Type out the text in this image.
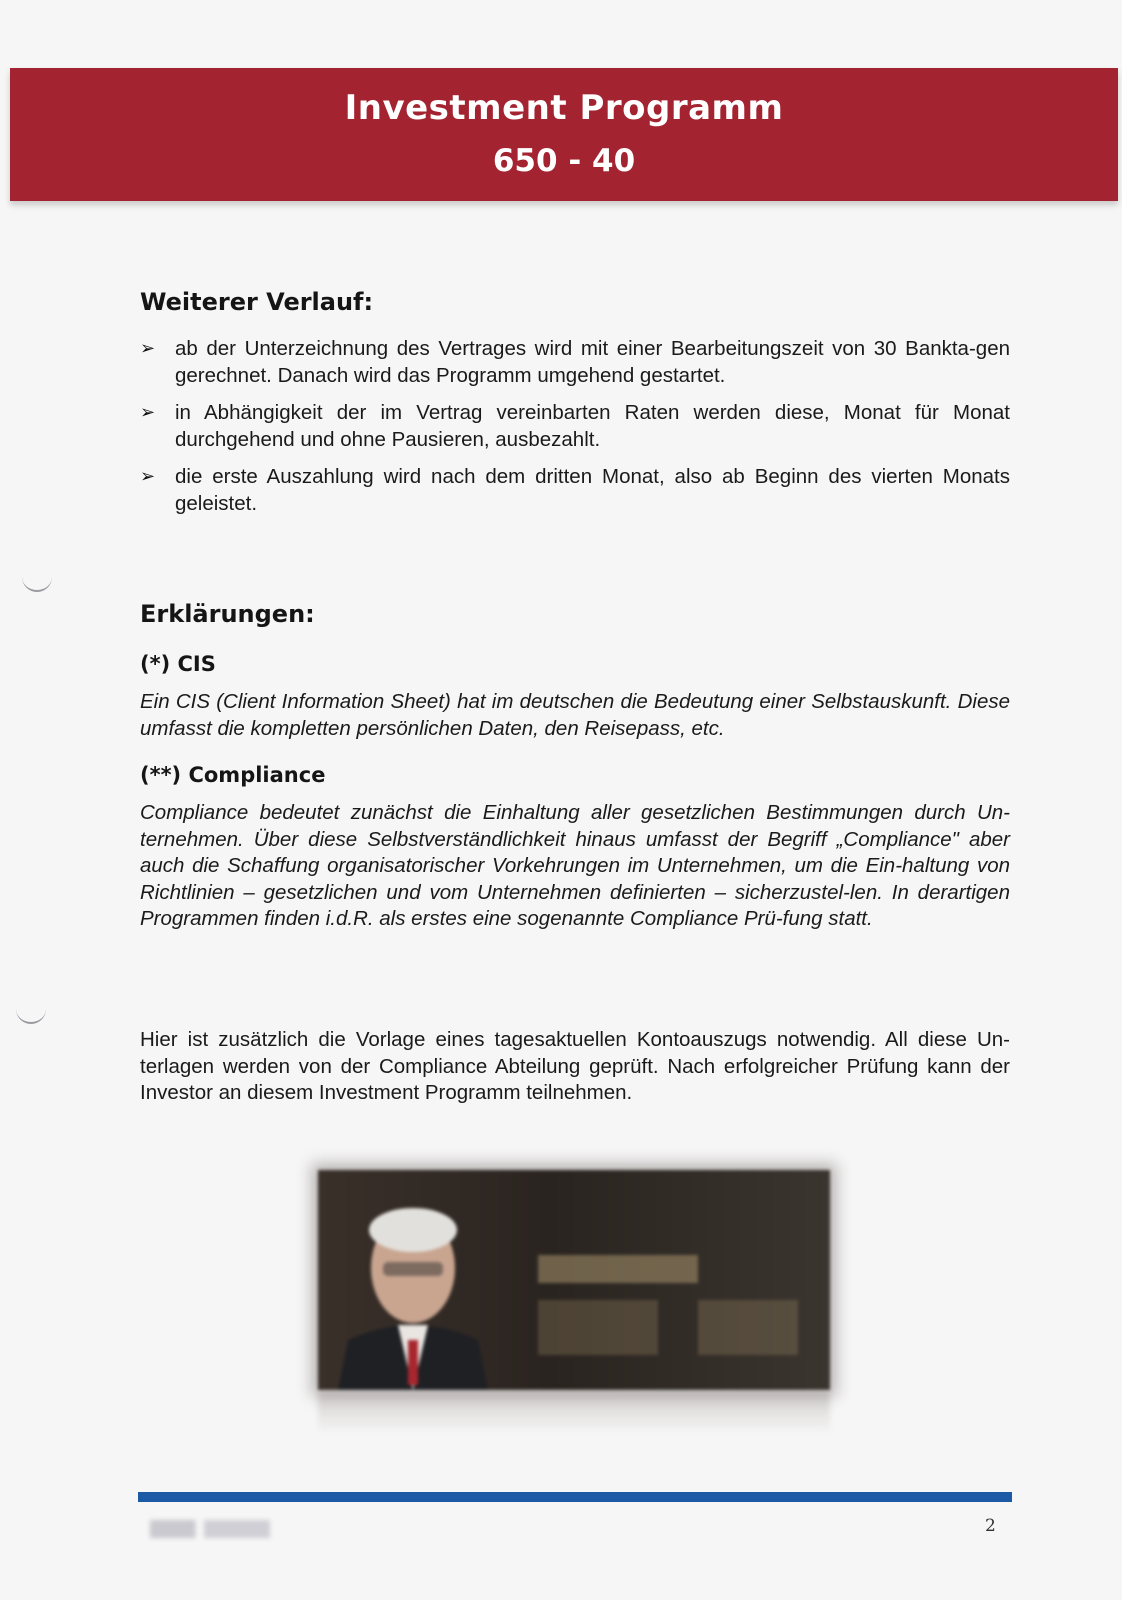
Investment Programm
650 - 40
Weiterer Verlauf:
➢ ab der Unterzeichnung des Vertrages wird mit einer Bearbeitungszeit von 30 Bankta-gen gerechnet. Danach wird das Programm umgehend gestartet.
➢ in Abhängigkeit der im Vertrag vereinbarten Raten werden diese, Monat für Monat durchgehend und ohne Pausieren, ausbezahlt.
➢ die erste Auszahlung wird nach dem dritten Monat, also ab Beginn des vierten Monats geleistet.
Erklärungen:
(*) CIS

Ein CIS (Client Information Sheet) hat im deutschen die Bedeutung einer Selbstauskunft. Diese umfasst die kompletten persönlichen Daten, den Reisepass, etc.

(**) Compliance

Compliance bedeutet zunächst die Einhaltung aller gesetzlichen Bestimmungen durch Un-ternehmen. Über diese Selbstverständlichkeit hinaus umfasst der Begriff „Compliance" aber auch die Schaffung organisatorischer Vorkehrungen im Unternehmen, um die Ein-haltung von Richtlinien – gesetzlichen und vom Unternehmen definierten – sicherzustel-len. In derartigen Programmen finden i.d.R. als erstes eine sogenannte Compliance Prü-fung statt.

Hier ist zusätzlich die Vorlage eines tagesaktuellen Kontoauszugs notwendig. All diese Un-terlagen werden von der Compliance Abteilung geprüft. Nach erfolgreicher Prüfung kann der Investor an diesem Investment Programm teilnehmen.

2
